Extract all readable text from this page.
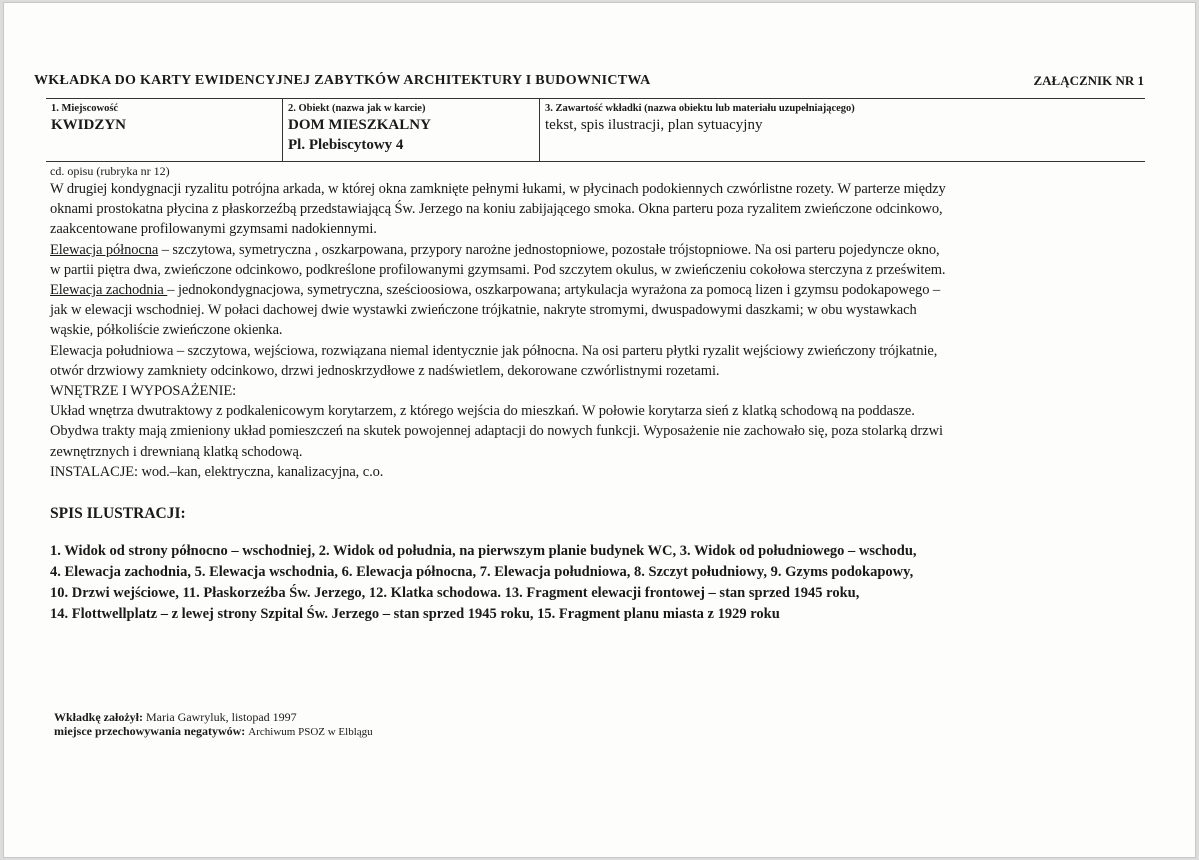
WKŁADKA DO KARTY EWIDENCYJNEJ ZABYTKÓW ARCHITEKTURY I BUDOWNICTWA	ZAŁĄCZNIK NR 1
1. Miejscowość
KWIDZYN
2. Obiekt (nazwa jak w karcie)
DOM MIESZKALNY
Pl. Plebiscytowy 4
3. Zawartość wkładki (nazwa obiektu lub materiału uzupełniającego)
tekst, spis ilustracji, plan sytuacyjny
cd. opisu (rubryka nr 12)
W drugiej kondygnacji ryzalitu potrójna arkada, w której okna zamknięte pełnymi łukami, w płycinach podokiennych czwórlistne rozety. W parterze między
oknami prostokatna płycina z płaskorzeźbą przedstawiającą Św. Jerzego na koniu zabijającego smoka. Okna parteru poza ryzalitem zwieńczone odcinkowo,
zaakcentowane profilowanymi gzymsami nadokiennymi.
Elewacja północna – szczytowa, symetryczna , oszkarpowana, przypory narożne jednostopniowe, pozostałe trójstopniowe. Na osi parteru pojedyncze okno,
w partii piętra dwa, zwieńczone odcinkowo, podkreślone profilowanymi gzymsami. Pod szczytem okulus, w zwieńczeniu cokołowa sterczyna z prześwitem.
Elewacja zachodnia – jednokondygnacjowa, symetryczna, sześcioosiowa, oszkarpowana; artykulacja wyrażona za pomocą lizen i gzymsu podokapowego –
jak w elewacji wschodniej. W połaci dachowej dwie wystawki zwieńczone trójkatnie, nakryte stromymi, dwuspadowymi daszkami; w obu wystawkach
wąskie, półkoliście zwieńczone okienka.
Elewacja południowa – szczytowa, wejściowa, rozwiązana niemal identycznie jak północna. Na osi parteru płytki ryzalit wejściowy zwieńczony trójkatnie,
otwór drzwiowy zamkniety odcinkowo, drzwi jednoskrzydłowe z nadświetlem, dekorowane czwórlistnymi rozetami.
WNĘTRZE I WYPOSAŻENIE:
Układ wnętrza dwutraktowy z podkalenicowym korytarzem, z którego wejścia do mieszkań. W połowie korytarza sień z klatką schodową na poddasze.
Obydwa trakty mają zmieniony układ pomieszczeń na skutek powojennej adaptacji do nowych funkcji. Wyposażenie nie zachowało się, poza stolarką drzwi
zewnętrznych i drewnianą klatką schodową.
INSTALACJE: wod.–kan, elektryczna, kanalizacyjna, c.o.
SPIS ILUSTRACJI:
1. Widok od strony północno – wschodniej, 2. Widok od południa, na pierwszym planie budynek WC, 3. Widok od południowego – wschodu,
4. Elewacja zachodnia, 5. Elewacja wschodnia, 6. Elewacja północna, 7. Elewacja południowa, 8. Szczyt południowy, 9. Gzyms podokapowy,
10. Drzwi wejściowe, 11. Płaskorzeźba Św. Jerzego, 12. Klatka schodowa. 13. Fragment elewacji frontowej – stan sprzed 1945 roku,
14. Flottwellplatz – z lewej strony Szpital Św. Jerzego – stan sprzed 1945 roku, 15. Fragment planu miasta z 1929 roku
Wkładkę założył: Maria Gawryluk, listopad 1997
miejsce przechowywania negatywów: Archiwum PSOZ w Elblągu
